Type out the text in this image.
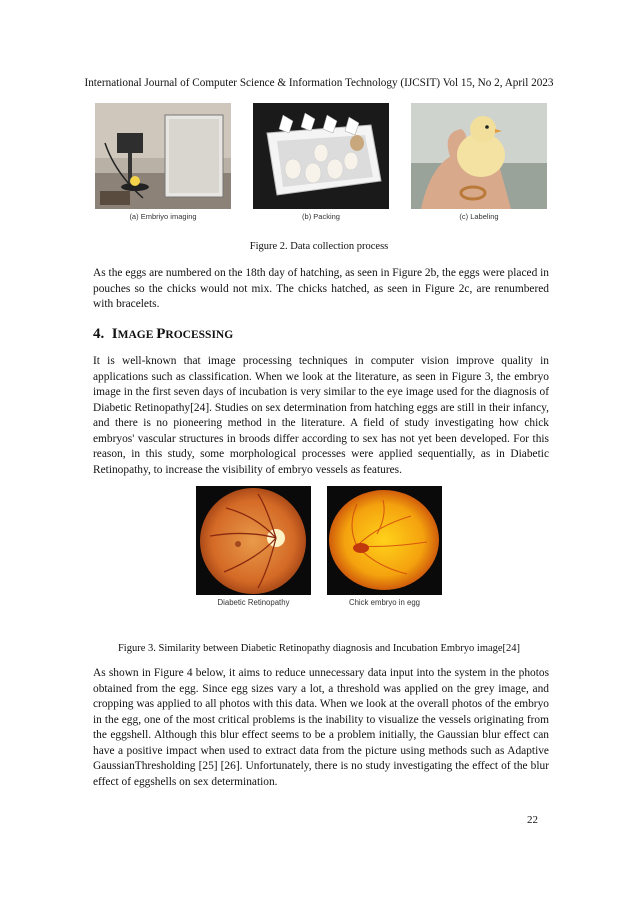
International Journal of Computer Science & Information Technology (IJCSIT) Vol 15, No 2, April 2023
(a) Embriyo imaging	(b) Packing	(c) Labeling
Figure 2. Data collection process

As the eggs are numbered on the 18th day of hatching, as seen in Figure 2b, the eggs were placed in pouches so the chicks would not mix. The chicks hatched, as seen in Figure 2c, are renumbered with bracelets.

4. IMAGE PROCESSING

It is well-known that image processing techniques in computer vision improve quality in applications such as classification. When we look at the literature, as seen in Figure 3, the embryo image in the first seven days of incubation is very similar to the eye image used for the diagnosis of Diabetic Retinopathy[24]. Studies on sex determination from hatching eggs are still in their infancy, and there is no pioneering method in the literature. A field of study investigating how chick embryos' vascular structures in broods differ according to sex has not yet been developed. For this reason, in this study, some morphological processes were applied sequentially, as in Diabetic Retinopathy, to increase the visibility of embryo vessels as features.

Diabetic Retinopathy	Chick embryo in egg
Figure 3. Similarity between Diabetic Retinopathy diagnosis and Incubation Embryo image[24]

As shown in Figure 4 below, it aims to reduce unnecessary data input into the system in the photos obtained from the egg. Since egg sizes vary a lot, a threshold was applied on the grey image, and cropping was applied to all photos with this data. When we look at the overall photos of the embryo in the egg, one of the most critical problems is the inability to visualize the vessels originating from the eggshell. Although this blur effect seems to be a problem initially, the Gaussian blur effect can have a positive impact when used to extract data from the picture using methods such as Adaptive GaussianThresholding [25] [26]. Unfortunately, there is no study investigating the effect of the blur effect of eggshells on sex determination.

22
